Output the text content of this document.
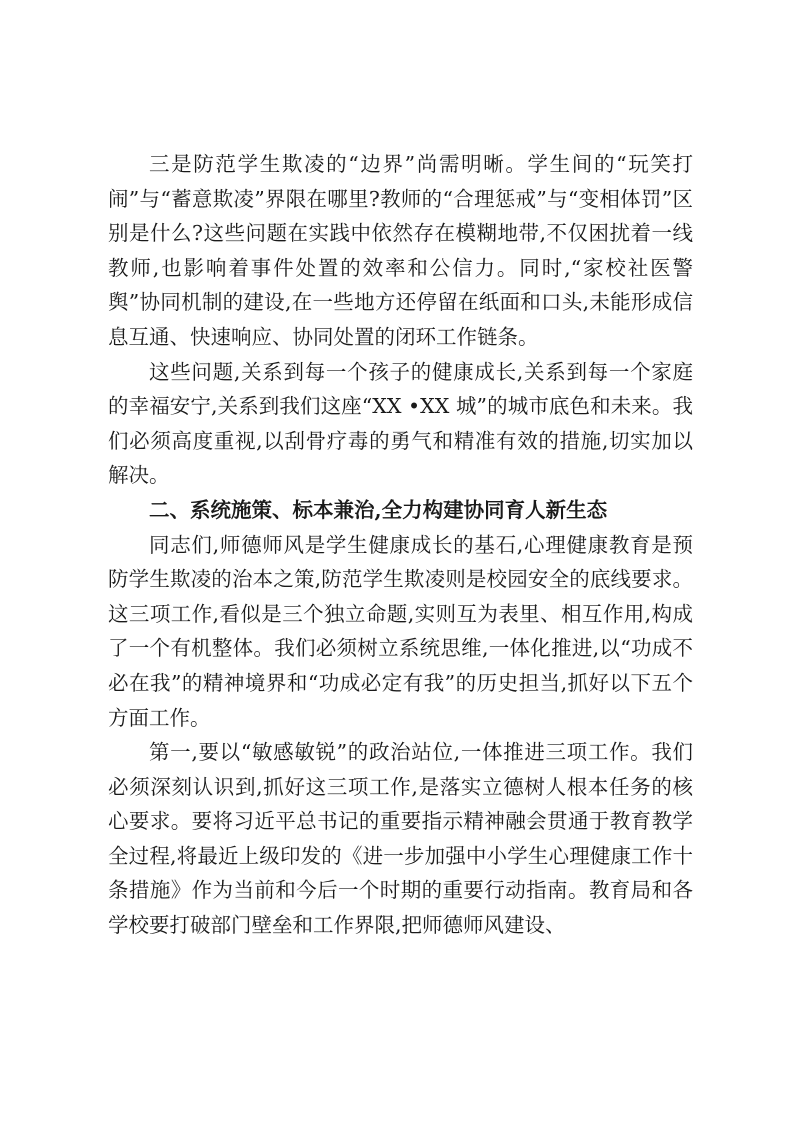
三是防范学生欺凌的“边界”尚需明晰。学生间的“玩笑打闹”与“蓄意欺凌”界限在哪里?教师的“合理惩戒”与“变相体罚”区别是什么?这些问题在实践中依然存在模糊地带,不仅困扰着一线教师,也影响着事件处置的效率和公信力。同时,“家校社医警舆”协同机制的建设,在一些地方还停留在纸面和口头,未能形成信息互通、快速响应、协同处置的闭环工作链条。

这些问题,关系到每一个孩子的健康成长,关系到每一个家庭的幸福安宁,关系到我们这座“XX •XX 城”的城市底色和未来。我们必须高度重视,以刮骨疗毒的勇气和精准有效的措施,切实加以解决。

二、系统施策、标本兼治,全力构建协同育人新生态

同志们,师德师风是学生健康成长的基石,心理健康教育是预防学生欺凌的治本之策,防范学生欺凌则是校园安全的底线要求。这三项工作,看似是三个独立命题,实则互为表里、相互作用,构成了一个有机整体。我们必须树立系统思维,一体化推进,以“功成不必在我”的精神境界和“功成必定有我”的历史担当,抓好以下五个方面工作。

第一,要以“敏感敏锐”的政治站位,一体推进三项工作。我们必须深刻认识到,抓好这三项工作,是落实立德树人根本任务的核心要求。要将习近平总书记的重要指示精神融会贯通于教育教学全过程,将最近上级印发的《进一步加强中小学生心理健康工作十条措施》作为当前和今后一个时期的重要行动指南。教育局和各学校要打破部门壁垒和工作界限,把师德师风建设、
